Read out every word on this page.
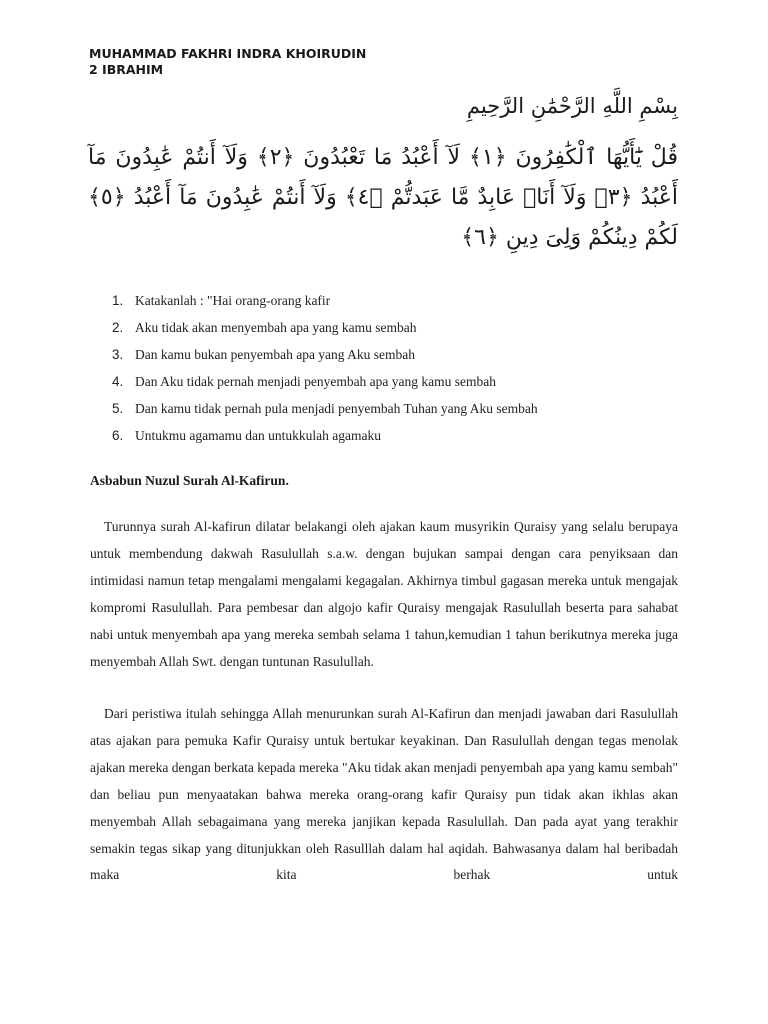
MUHAMMAD FAKHRI INDRA KHOIRUDIN
2 IBRAHIM
بِسْمِ اللَّهِ الرَّحْمَٰنِ الرَّحِيمِ
قُلْ يَٰٓأَيُّهَا ٱلْكَٰفِرُونَ ﴿١﴾ لَآ أَعْبُدُ مَا تَعْبُدُونَ ﴿٢﴾ وَلَآ أَنتُمْ عَٰبِدُونَ مَآ أَعْبُدُ ﴿٣﴾ وَلَآ أَنَا۠ عَابِدٌ مَّا عَبَدتُّمْ ﴿٤﴾ وَلَآ أَنتُمْ عَٰبِدُونَ مَآ أَعْبُدُ ﴿٥﴾ لَكُمْ دِينُكُمْ وَلِىَ دِينِ ﴿٦﴾
1. Katakanlah : "Hai orang-orang kafir
2. Aku tidak akan menyembah apa yang kamu sembah
3. Dan kamu bukan penyembah apa yang Aku sembah
4. Dan Aku tidak pernah menjadi penyembah apa yang kamu sembah
5. Dan kamu tidak pernah pula menjadi penyembah Tuhan yang Aku sembah
6. Untukmu agamamu dan untukkulah agamaku
Asbabun Nuzul Surah Al-Kafirun.

Turunnya surah Al-kafirun dilatar belakangi oleh ajakan kaum musyrikin Quraisy yang selalu berupaya untuk membendung dakwah Rasulullah s.a.w. dengan bujukan sampai dengan cara penyiksaan dan intimidasi namun tetap mengalami mengalami kegagalan. Akhirnya timbul gagasan mereka untuk mengajak kompromi Rasulullah. Para pembesar dan algojo kafir Quraisy mengajak Rasulullah beserta para sahabat nabi untuk menyembah apa yang mereka sembah selama 1 tahun,kemudian 1 tahun berikutnya mereka juga menyembah Allah Swt. dengan tuntunan Rasulullah.

Dari peristiwa itulah sehingga Allah menurunkan surah Al-Kafirun dan menjadi jawaban dari Rasulullah atas ajakan para pemuka Kafir Quraisy untuk bertukar keyakinan. Dan Rasulullah dengan tegas menolak ajakan mereka dengan berkata kepada mereka "Aku tidak akan menjadi penyembah apa yang kamu sembah" dan beliau pun menyaatakan bahwa mereka orang-orang kafir Quraisy pun tidak akan ikhlas akan menyembah Allah sebagaimana yang mereka janjikan kepada Rasulullah. Dan pada ayat yang terakhir semakin tegas sikap yang ditunjukkan oleh Rasulllah dalam hal aqidah. Bahwasanya dalam hal beribadah maka kita berhak untuk
